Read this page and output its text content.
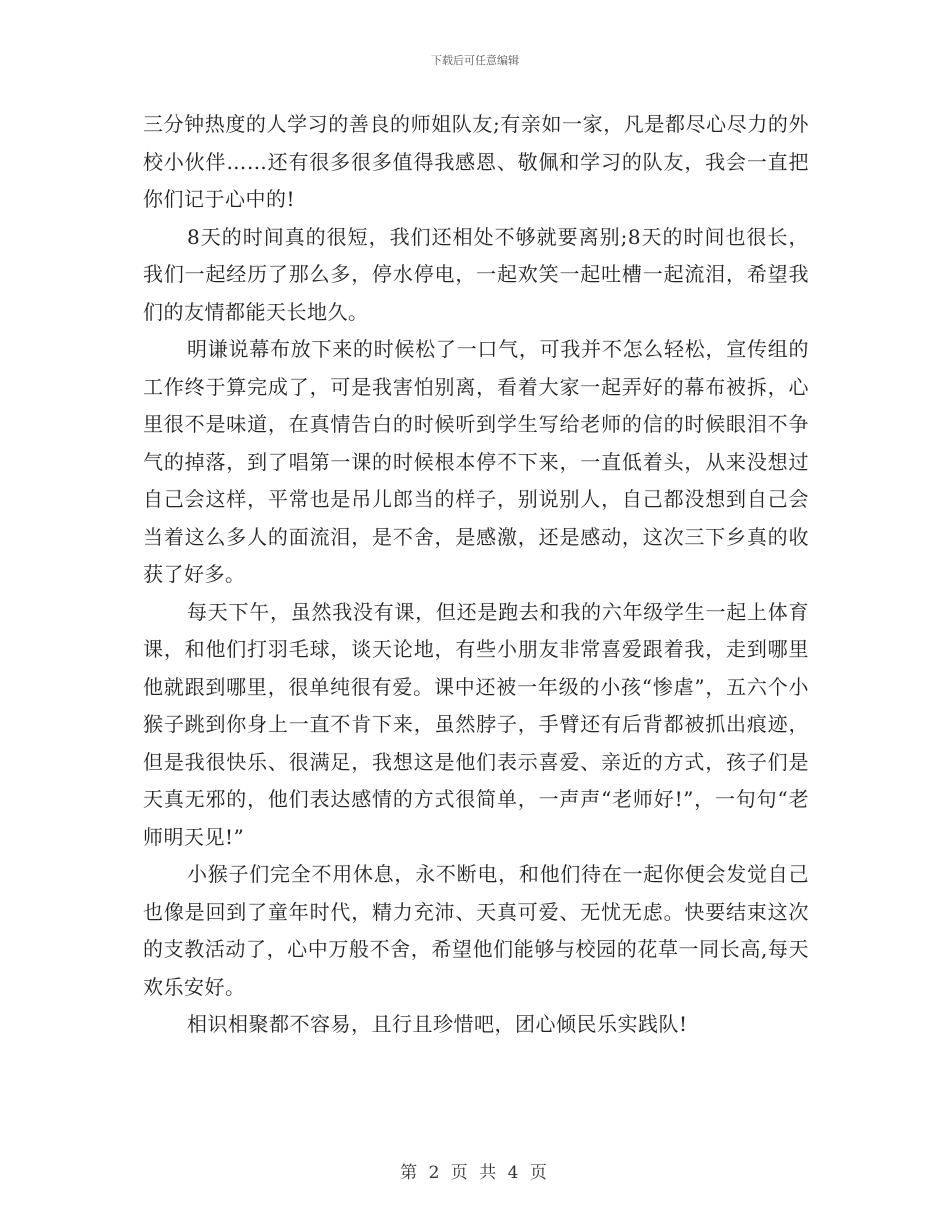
下载后可任意编辑

三分钟热度的人学习的善良的师姐队友;有亲如一家，凡是都尽心尽力的外校小伙伴……还有很多很多值得我感恩、敬佩和学习的队友，我会一直把你们记于心中的!

8天的时间真的很短，我们还相处不够就要离别;8天的时间也很长，我们一起经历了那么多，停水停电，一起欢笑一起吐槽一起流泪，希望我们的友情都能天长地久。

明谦说幕布放下来的时候松了一口气，可我并不怎么轻松，宣传组的工作终于算完成了，可是我害怕别离，看着大家一起弄好的幕布被拆，心里很不是味道，在真情告白的时候听到学生写给老师的信的时候眼泪不争气的掉落，到了唱第一课的时候根本停不下来，一直低着头，从来没想过自己会这样，平常也是吊儿郎当的样子，别说别人，自己都没想到自己会当着这么多人的面流泪，是不舍，是感激，还是感动，这次三下乡真的收获了好多。

每天下午，虽然我没有课，但还是跑去和我的六年级学生一起上体育课，和他们打羽毛球，谈天论地，有些小朋友非常喜爱跟着我，走到哪里他就跟到哪里，很单纯很有爱。课中还被一年级的小孩“惨虐”，五六个小猴子跳到你身上一直不肯下来，虽然脖子，手臂还有后背都被抓出痕迹，但是我很快乐、很满足，我想这是他们表示喜爱、亲近的方式，孩子们是天真无邪的，他们表达感情的方式很简单，一声声“老师好!”，一句句“老师明天见!”

小猴子们完全不用休息，永不断电，和他们待在一起你便会发觉自己也像是回到了童年时代，精力充沛、天真可爱、无忧无虑。快要结束这次的支教活动了，心中万般不舍，希望他们能够与校园的花草一同长高,每天欢乐安好。

相识相聚都不容易，且行且珍惜吧，团心倾民乐实践队!

第 2 页 共 4 页
